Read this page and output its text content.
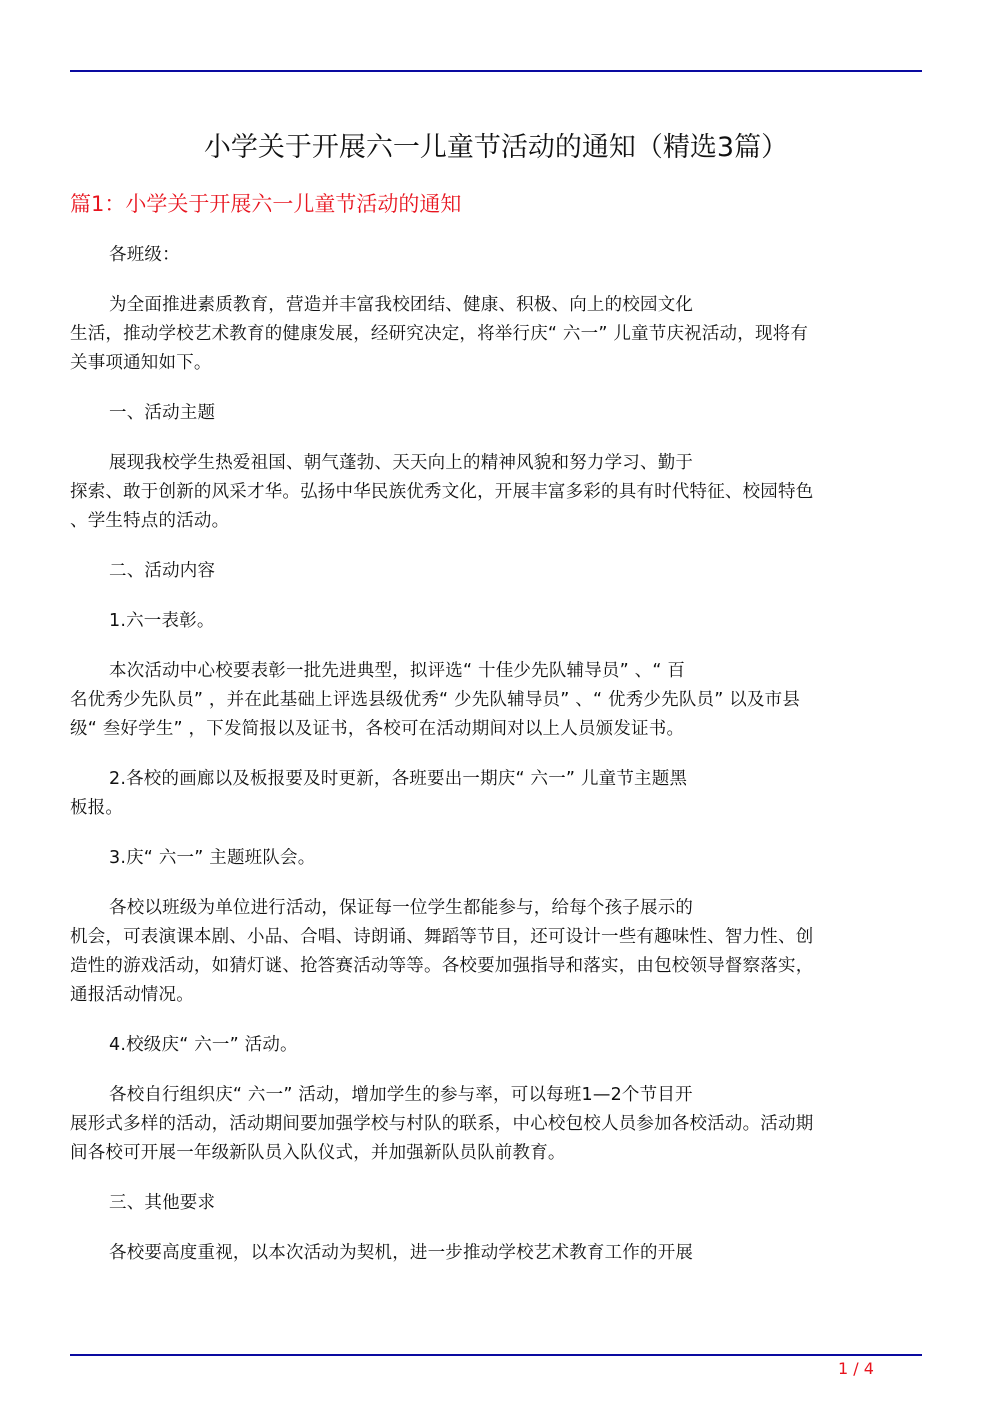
小学关于开展六一儿童节活动的通知（精选3篇）
篇1：小学关于开展六一儿童节活动的通知

各班级：

为全面推进素质教育，营造并丰富我校团结、健康、积极、向上的校园文化
生活，推动学校艺术教育的健康发展，经研究决定，将举行庆“ 六一” 儿童节庆祝活动，现将有
关事项通知如下。

一、活动主题

展现我校学生热爱祖国、朝气蓬勃、天天向上的精神风貌和努力学习、勤于
探索、敢于创新的风采才华。弘扬中华民族优秀文化，开展丰富多彩的具有时代特征、校园特色
、学生特点的活动。

二、活动内容

1.六一表彰。

本次活动中心校要表彰一批先进典型，拟评选“ 十佳少先队辅导员” 、“ 百
名优秀少先队员” ，并在此基础上评选县级优秀“ 少先队辅导员” 、“ 优秀少先队员” 以及市县
级“ 叁好学生” ，下发简报以及证书，各校可在活动期间对以上人员颁发证书。

2.各校的画廊以及板报要及时更新，各班要出一期庆“ 六一” 儿童节主题黑
板报。

3.庆“ 六一” 主题班队会。

各校以班级为单位进行活动，保证每一位学生都能参与，给每个孩子展示的
机会，可表演课本剧、小品、合唱、诗朗诵、舞蹈等节目，还可设计一些有趣味性、智力性、创
造性的游戏活动，如猜灯谜、抢答赛活动等等。各校要加强指导和落实，由包校领导督察落实，
通报活动情况。

4.校级庆“ 六一” 活动。

各校自行组织庆“ 六一” 活动，增加学生的参与率，可以每班1—2个节目开
展形式多样的活动，活动期间要加强学校与村队的联系，中心校包校人员参加各校活动。活动期
间各校可开展一年级新队员入队仪式，并加强新队员队前教育。

三、其他要求

各校要高度重视，以本次活动为契机，进一步推动学校艺术教育工作的开展

1 / 4
